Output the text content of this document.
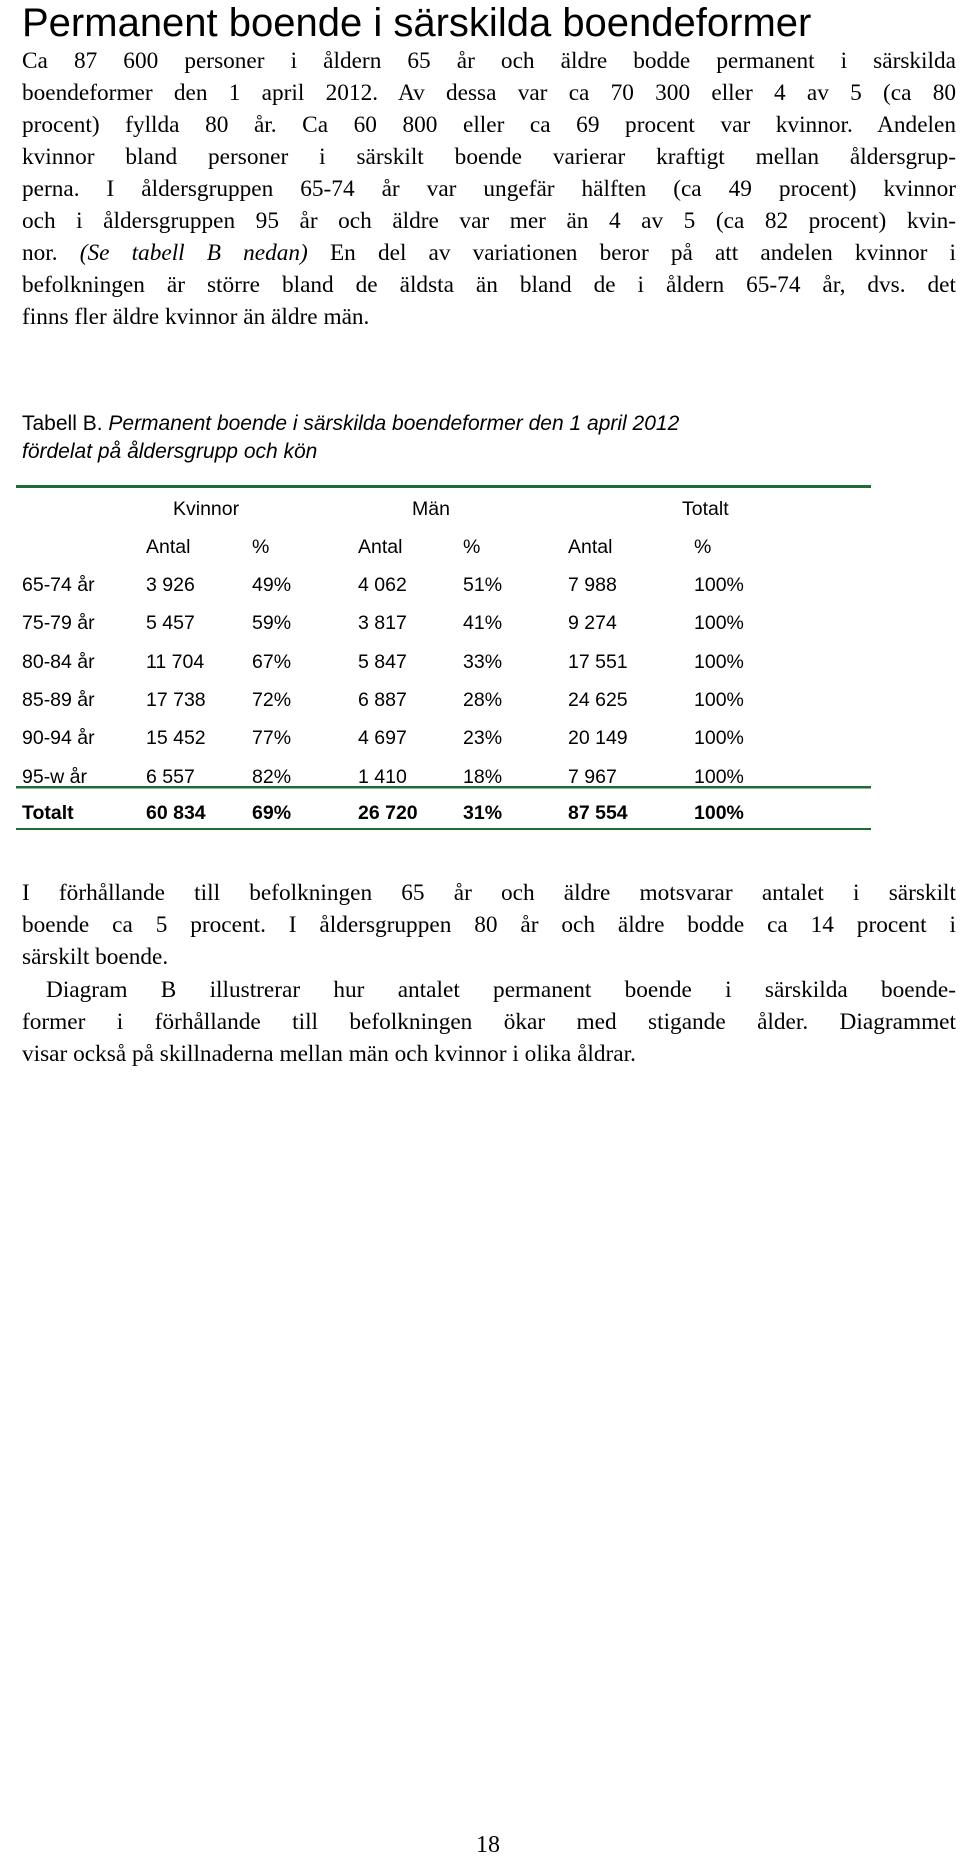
Permanent boende i särskilda boendeformer
Ca 87 600 personer i åldern 65 år och äldre bodde permanent i särskilda
boendeformer den 1 april 2012. Av dessa var ca 70 300 eller 4 av 5 (ca 80
procent) fyllda 80 år. Ca 60 800 eller ca 69 procent var kvinnor. Andelen
kvinnor bland personer i särskilt boende varierar kraftigt mellan åldersgrup-
perna. I åldersgruppen 65-74 år var ungefär hälften (ca 49 procent) kvinnor
och i åldersgruppen 95 år och äldre var mer än 4 av 5 (ca 82 procent) kvin-
nor. (Se tabell B nedan) En del av variationen beror på att andelen kvinnor i
befolkningen är större bland de äldsta än bland de i åldern 65-74 år, dvs. det
finns fler äldre kvinnor än äldre män.
Tabell B. Permanent boende i särskilda boendeformer den 1 april 2012
fördelat på åldersgrupp och kön
Kvinnor	Män	Totalt
Antal	%	Antal	%	Antal	%
65-74 år	3 926	49%	4 062	51%	7 988	100%
75-79 år	5 457	59%	3 817	41%	9 274	100%
80-84 år	11 704 67%	5 847	33%	17 551	100%
85-89 år	17 738 72%	6 887	28%	24 625	100%
90-94 år	15 452 77%	4 697	23%	20 149	100%
95-w år	6 557	82%	1 410	18%	7 967	100%
Totalt	60 834 69%	26 720 31%	87 554	100%
I förhållande till befolkningen 65 år och äldre motsvarar antalet i särskilt
boende ca 5 procent. I åldersgruppen 80 år och äldre bodde ca 14 procent i
särskilt boende.
Diagram B illustrerar hur antalet permanent boende i särskilda boende-
former i förhållande till befolkningen ökar med stigande ålder. Diagrammet
visar också på skillnaderna mellan män och kvinnor i olika åldrar.
18
